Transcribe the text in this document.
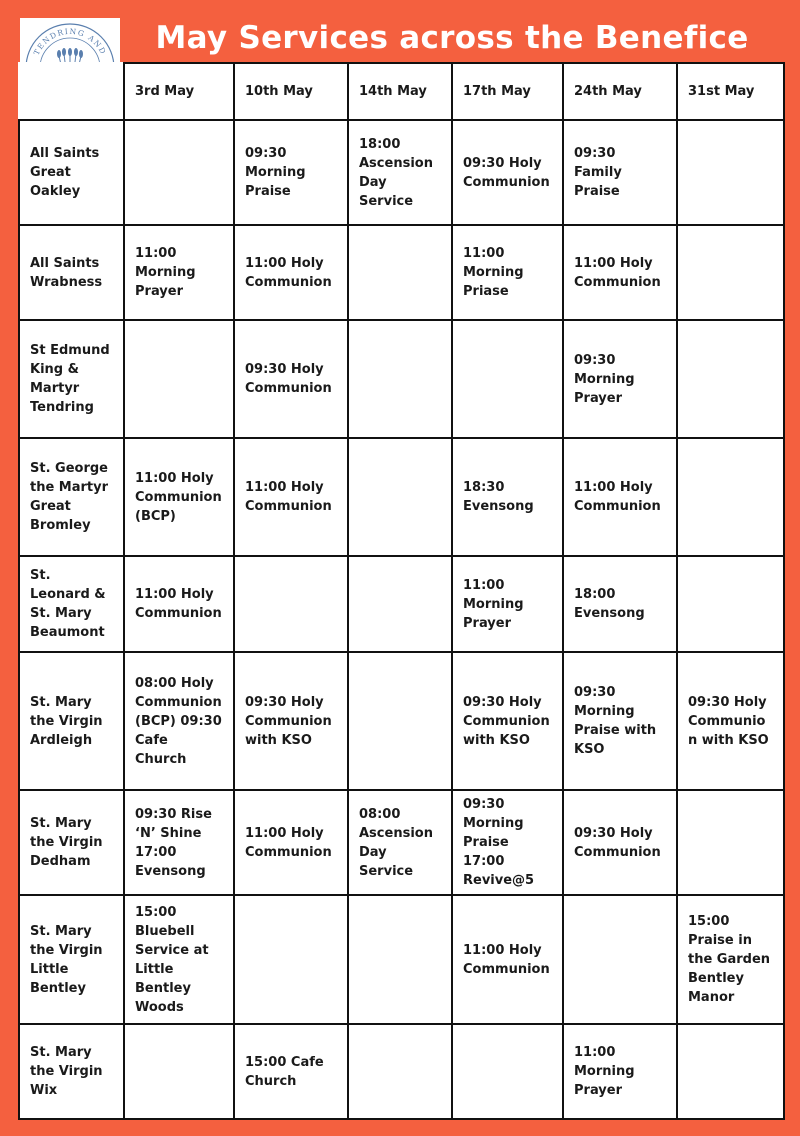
TENDRING AND	May Services across the Benefice
	3rd May	10th May	14th May	17th May	24th May	31st May
All Saints Great Oakley		09:30 Morning Praise	18:00 Ascension Day Service	09:30 Holy Communion	09:30 Family Praise	
All Saints Wrabness	11:00 Morning Prayer	11:00 Holy Communion		11:00 Morning Priase	11:00 Holy Communion	
St Edmund King & Martyr Tendring		09:30 Holy Communion			09:30 Morning Prayer	
St. George the Martyr Great Bromley	11:00 Holy Communion (BCP)	11:00 Holy Communion		18:30 Evensong	11:00 Holy Communion	
St. Leonard & St. Mary Beaumont	11:00 Holy Communion			11:00 Morning Prayer	18:00 Evensong	
St. Mary the Virgin Ardleigh	08:00 Holy Communion (BCP) 09:30 Cafe Church	09:30 Holy Communion with KSO		09:30 Holy Communion with KSO	09:30 Morning Praise with KSO	09:30 Holy Communion with KSO
St. Mary the Virgin Dedham	09:30 Rise ‘N’ Shine 17:00 Evensong	11:00 Holy Communion	08:00 Ascension Day Service	09:30 Morning Praise 17:00 Revive@5	09:30 Holy Communion	
St. Mary the Virgin Little Bentley	15:00 Bluebell Service at Little Bentley Woods			11:00 Holy Communion		15:00 Praise in the Garden Bentley Manor
St. Mary the Virgin Wix		15:00 Cafe Church			11:00 Morning Prayer	
